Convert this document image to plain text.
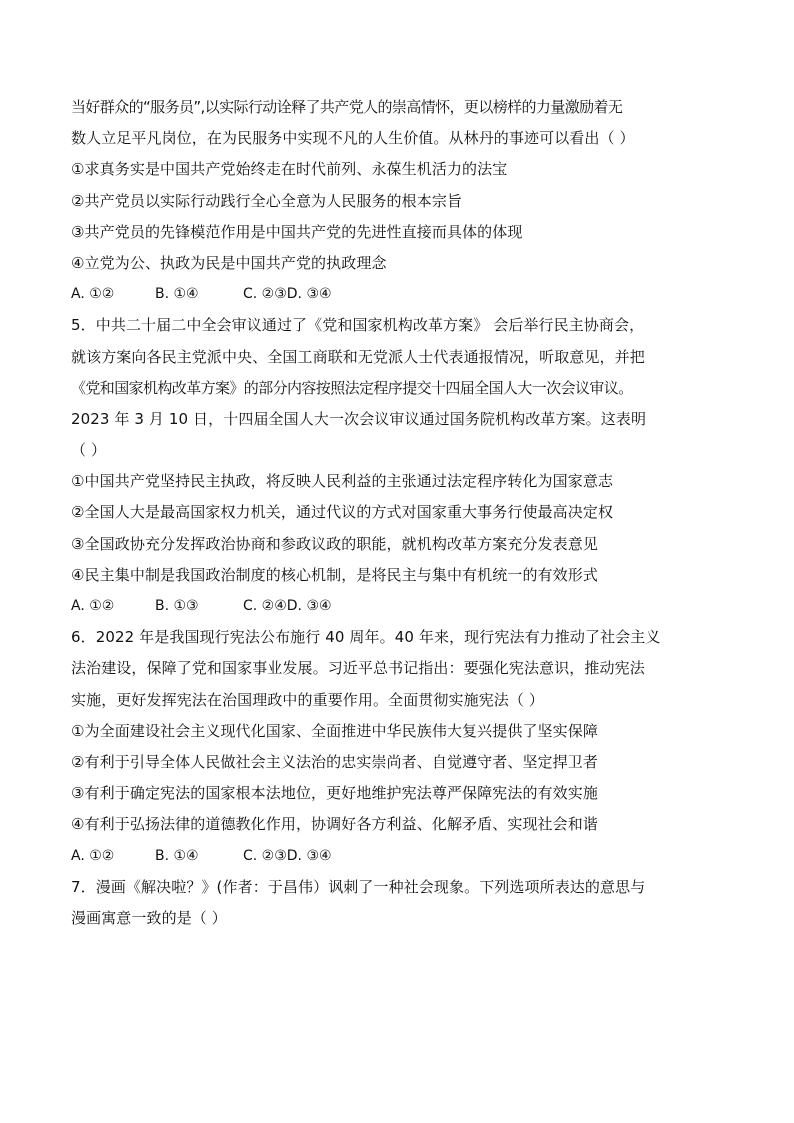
当好群众的“服务员”,以实际行动诠释了共产党人的崇高情怀，更以榜样的力量激励着无
数人立足平凡岗位，在为民服务中实现不凡的人生价值。从林丹的事迹可以看出（ ）
①求真务实是中国共产党始终走在时代前列、永葆生机活力的法宝
②共产党员以实际行动践行全心全意为人民服务的根本宗旨
③共产党员的先锋模范作用是中国共产党的先进性直接而具体的体现
④立党为公、执政为民是中国共产党的执政理念
A. ①②	B. ①④	C. ②③D. ③④
5．中共二十届二中全会审议通过了《党和国家机构改革方案》 会后举行民主协商会，
就该方案向各民主党派中央、全国工商联和无党派人士代表通报情况，听取意见，并把
《党和国家机构改革方案》的部分内容按照法定程序提交十四届全国人大一次会议审议。
2023 年 3 月 10 日，十四届全国人大一次会议审议通过国务院机构改革方案。这表明
（ ）
①中国共产党坚持民主执政，将反映人民利益的主张通过法定程序转化为国家意志
②全国人大是最高国家权力机关，通过代议的方式对国家重大事务行使最高决定权
③全国政协充分发挥政治协商和参政议政的职能，就机构改革方案充分发表意见
④民主集中制是我国政治制度的核心机制，是将民主与集中有机统一的有效形式
A. ①②	B. ①③	C. ②④D. ③④
6．2022 年是我国现行宪法公布施行 40 周年。40 年来，现行宪法有力推动了社会主义
法治建设，保障了党和国家事业发展。习近平总书记指出：要强化宪法意识，推动宪法
实施，更好发挥宪法在治国理政中的重要作用。全面贯彻实施宪法（ ）
①为全面建设社会主义现代化国家、全面推进中华民族伟大复兴提供了坚实保障
②有利于引导全体人民做社会主义法治的忠实崇尚者、自觉遵守者、坚定捍卫者
③有利于确定宪法的国家根本法地位，更好地维护宪法尊严保障宪法的有效实施
④有利于弘扬法律的道德教化作用，协调好各方利益、化解矛盾、实现社会和谐
A. ①②	B. ①④	C. ②③D. ③④
7．漫画《解决啦？》(作者：于昌伟）讽刺了一种社会现象。下列选项所表达的意思与
漫画寓意一致的是（ ）
